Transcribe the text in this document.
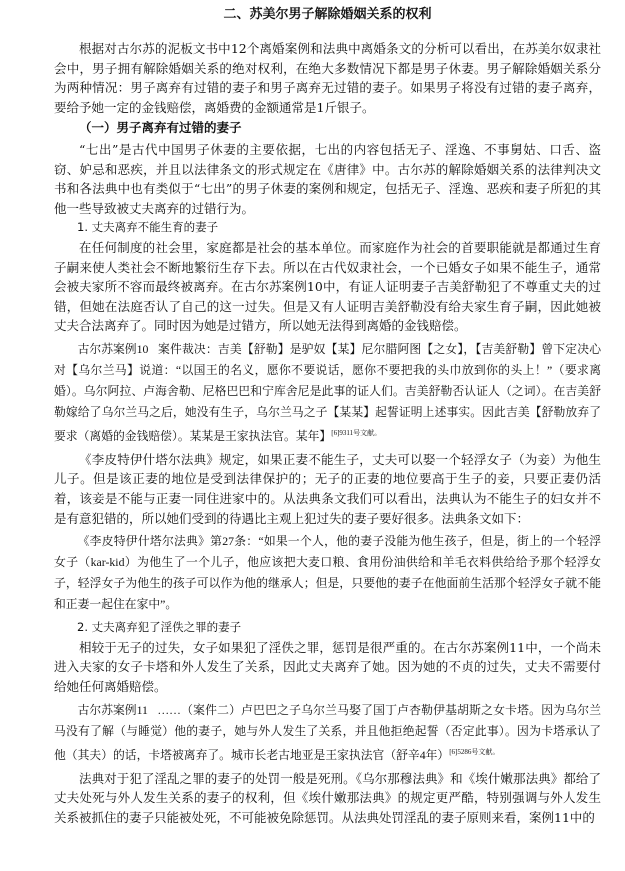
二、苏美尔男子解除婚姻关系的权利

根据对古尔苏的泥板文书中12个离婚案例和法典中离婚条文的分析可以看出，在苏美尔奴隶社会中，男子拥有解除婚姻关系的绝对权利，在绝大多数情况下都是男子休妻。男子解除婚姻关系分为两种情况：男子离弃有过错的妻子和男子离弃无过错的妻子。如果男子将没有过错的妻子离弃，要给予她一定的金钱赔偿，离婚费的金额通常是1斤银子。

（一）男子离弃有过错的妻子

“七出”是古代中国男子休妻的主要依据，七出的内容包括无子、淫逸、不事舅姑、口舌、盗窃、妒忌和恶疾，并且以法律条文的形式规定在《唐律》中。古尔苏的解除婚姻关系的法律判决文书和各法典中也有类似于“七出”的男子休妻的案例和规定，包括无子、淫逸、恶疾和妻子所犯的其他一些导致被丈夫离弃的过错行为。

1. 丈夫离弃不能生育的妻子

在任何制度的社会里，家庭都是社会的基本单位。而家庭作为社会的首要职能就是都通过生育子嗣来使人类社会不断地繁衍生存下去。所以在古代奴隶社会，一个已婚女子如果不能生子，通常会被夫家所不容而最终被离弃。在古尔苏案例10中，有证人证明妻子吉美舒勒犯了不尊重丈夫的过错，但她在法庭否认了自己的这一过失。但是又有人证明吉美舒勒没有给夫家生育子嗣，因此她被丈夫合法离弃了。同时因为她是过错方，所以她无法得到离婚的金钱赔偿。

古尔苏案例10 案件裁决：吉美【舒勒】是驴奴【某】尼尔腊阿图【之女】，【吉美舒勒】曾下定决心对【乌尔兰马】说道：“以国王的名义，愿你不要说话，愿你不要把我的头巾放到你的头上！”（要求离婚）。乌尔阿拉、卢海舍勒、尼格巴巴和宁库舍尼是此事的证人们。吉美舒勒否认证人（之词）。在吉美舒勒嫁给了乌尔兰马之后，她没有生子，乌尔兰马之子【某某】起誓证明上述事实。因此吉美【舒勒放弃了要求（离婚的金钱赔偿）。某某是王家执法官。某年】$^{[6]9311号文献。}$

《李皮特伊什塔尔法典》规定，如果正妻不能生子，丈夫可以娶一个轻浮女子（为妾）为他生儿子。但是该正妻的地位是受到法律保护的；无子的正妻的地位要高于生子的妾，只要正妻仍活着，该妾是不能与正妻一同住进家中的。从法典条文我们可以看出，法典认为不能生子的妇女并不是有意犯错的，所以她们受到的待遇比主观上犯过失的妻子要好很多。法典条文如下：

《李皮特伊什塔尔法典》第27条：“如果一个人，他的妻子没能为他生孩子，但是，街上的一个轻浮女子（kar-kid）为他生了一个儿子，他应该把大麦口粮、食用份油供给和羊毛衣料供给给予那个轻浮女子，轻浮女子为他生的孩子可以作为他的继承人；但是，只要他的妻子在他面前生活那个轻浮女子就不能和正妻一起住在家中”。

2. 丈夫离弃犯了淫佚之罪的妻子

相较于无子的过失，女子如果犯了淫佚之罪，惩罚是很严重的。在古尔苏案例11中，一个尚未进入夫家的女子卡塔和外人发生了关系，因此丈夫离弃了她。因为她的不贞的过失，丈夫不需要付给她任何离婚赔偿。

古尔苏案例11 ……（案件二）卢巴巴之子乌尔兰马娶了国丁卢杏勒伊基胡斯之女卡塔。因为乌尔兰马没有了解（与睡觉）他的妻子，她与外人发生了关系，并且他拒绝起誓（否定此事）。因为卡塔承认了他（其夫）的话，卡塔被离弃了。城市长老古地亚是王家执法官（舒辛4年）$^{[6]5286号文献。}$

法典对于犯了淫乱之罪的妻子的处罚一般是死刑。《乌尔那穆法典》和《埃什嫩那法典》都给了丈夫处死与外人发生关系的妻子的权利，但《埃什嫩那法典》的规定更严酷，特别强调与外人发生关系被抓住的妻子只能被处死，不可能被免除惩罚。从法典处罚淫乱的妻子原则来看，案例11中的
